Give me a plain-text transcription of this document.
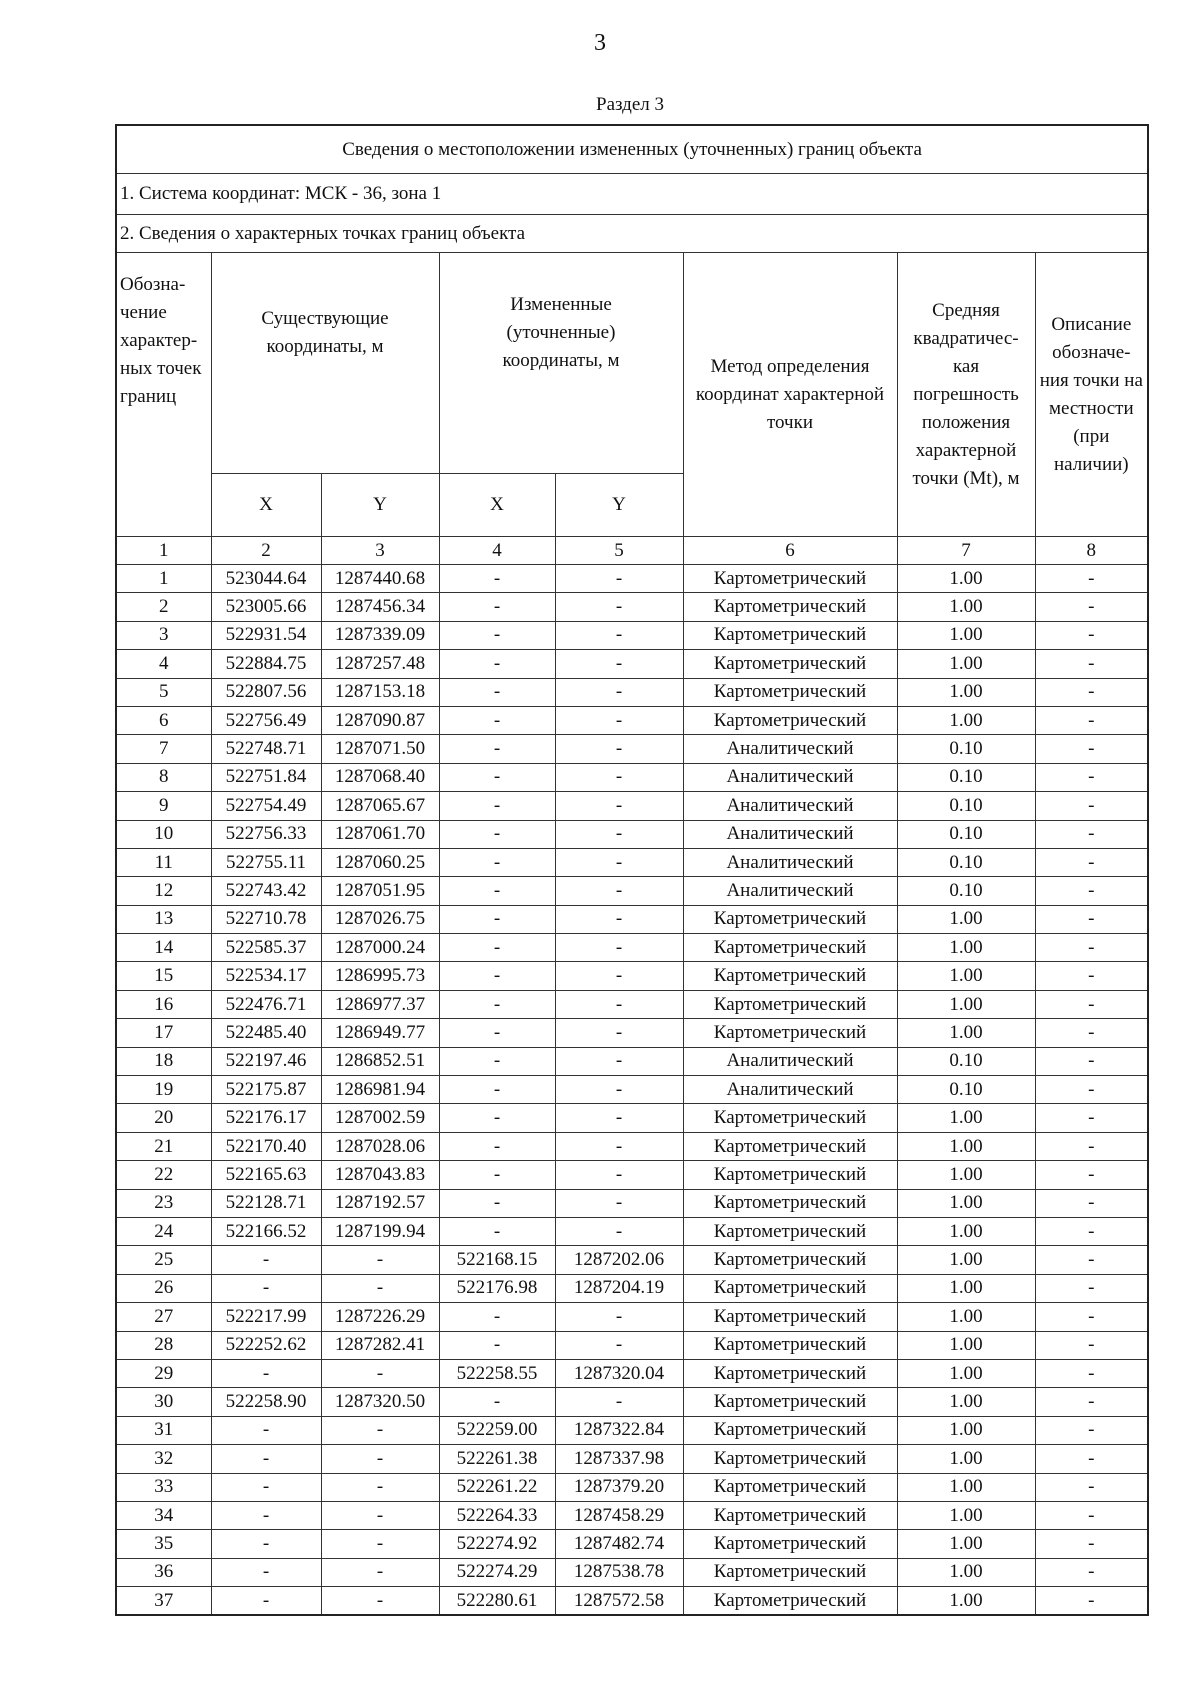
3
Раздел 3
Сведения о местоположении измененных (уточненных) границ объекта							
1. Система координат: МСК - 36, зона 1							
2. Сведения о характерных точках границ объекта							
Обозна-чение характер-ных точек границ	Существующие координаты, м		Измененные (уточненные) координаты, м		Метод определения координат характерной точки	Средняя квадратичес-кая погрешность положения характерной точки (Mt), м	Описание обозначе-ния точки на местности (при наличии)
	X	Y	X	Y			
1	2	3	4	5	6	7	8
1	523044.64	1287440.68	-	-	Картометрический	1.00	-
2	523005.66	1287456.34	-	-	Картометрический	1.00	-
3	522931.54	1287339.09	-	-	Картометрический	1.00	-
4	522884.75	1287257.48	-	-	Картометрический	1.00	-
5	522807.56	1287153.18	-	-	Картометрический	1.00	-
6	522756.49	1287090.87	-	-	Картометрический	1.00	-
7	522748.71	1287071.50	-	-	Аналитический	0.10	-
8	522751.84	1287068.40	-	-	Аналитический	0.10	-
9	522754.49	1287065.67	-	-	Аналитический	0.10	-
10	522756.33	1287061.70	-	-	Аналитический	0.10	-
11	522755.11	1287060.25	-	-	Аналитический	0.10	-
12	522743.42	1287051.95	-	-	Аналитический	0.10	-
13	522710.78	1287026.75	-	-	Картометрический	1.00	-
14	522585.37	1287000.24	-	-	Картометрический	1.00	-
15	522534.17	1286995.73	-	-	Картометрический	1.00	-
16	522476.71	1286977.37	-	-	Картометрический	1.00	-
17	522485.40	1286949.77	-	-	Картометрический	1.00	-
18	522197.46	1286852.51	-	-	Аналитический	0.10	-
19	522175.87	1286981.94	-	-	Аналитический	0.10	-
20	522176.17	1287002.59	-	-	Картометрический	1.00	-
21	522170.40	1287028.06	-	-	Картометрический	1.00	-
22	522165.63	1287043.83	-	-	Картометрический	1.00	-
23	522128.71	1287192.57	-	-	Картометрический	1.00	-
24	522166.52	1287199.94	-	-	Картометрический	1.00	-
25	-	-	522168.15	1287202.06	Картометрический	1.00	-
26	-	-	522176.98	1287204.19	Картометрический	1.00	-
27	522217.99	1287226.29	-	-	Картометрический	1.00	-
28	522252.62	1287282.41	-	-	Картометрический	1.00	-
29	-	-	522258.55	1287320.04	Картометрический	1.00	-
30	522258.90	1287320.50	-	-	Картометрический	1.00	-
31	-	-	522259.00	1287322.84	Картометрический	1.00	-
32	-	-	522261.38	1287337.98	Картометрический	1.00	-
33	-	-	522261.22	1287379.20	Картометрический	1.00	-
34	-	-	522264.33	1287458.29	Картометрический	1.00	-
35	-	-	522274.92	1287482.74	Картометрический	1.00	-
36	-	-	522274.29	1287538.78	Картометрический	1.00	-
37	-	-	522280.61	1287572.58	Картометрический	1.00	-
